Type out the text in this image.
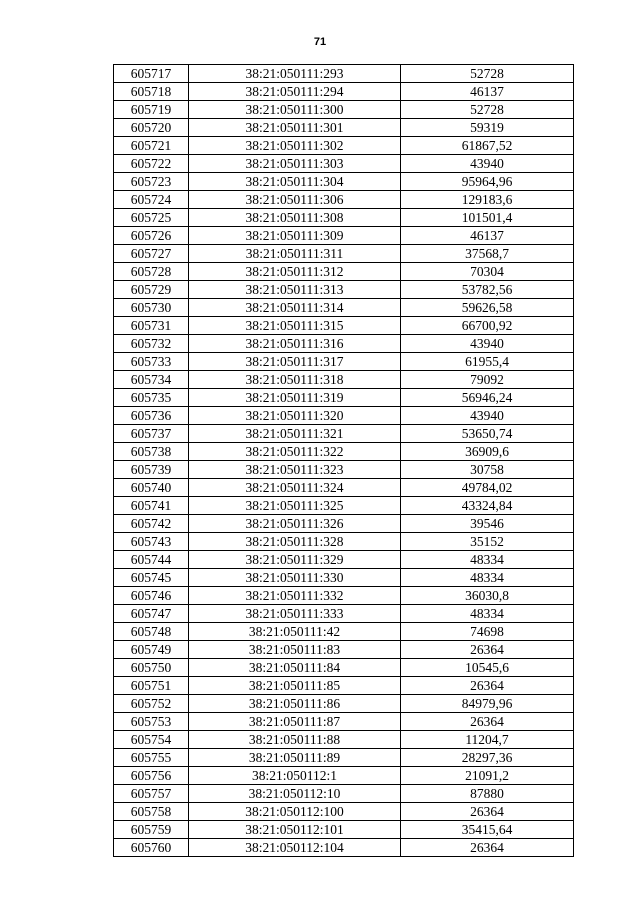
71
605717	38:21:050111:293	52728
605718	38:21:050111:294	46137
605719	38:21:050111:300	52728
605720	38:21:050111:301	59319
605721	38:21:050111:302	61867,52
605722	38:21:050111:303	43940
605723	38:21:050111:304	95964,96
605724	38:21:050111:306	129183,6
605725	38:21:050111:308	101501,4
605726	38:21:050111:309	46137
605727	38:21:050111:311	37568,7
605728	38:21:050111:312	70304
605729	38:21:050111:313	53782,56
605730	38:21:050111:314	59626,58
605731	38:21:050111:315	66700,92
605732	38:21:050111:316	43940
605733	38:21:050111:317	61955,4
605734	38:21:050111:318	79092
605735	38:21:050111:319	56946,24
605736	38:21:050111:320	43940
605737	38:21:050111:321	53650,74
605738	38:21:050111:322	36909,6
605739	38:21:050111:323	30758
605740	38:21:050111:324	49784,02
605741	38:21:050111:325	43324,84
605742	38:21:050111:326	39546
605743	38:21:050111:328	35152
605744	38:21:050111:329	48334
605745	38:21:050111:330	48334
605746	38:21:050111:332	36030,8
605747	38:21:050111:333	48334
605748	38:21:050111:42	74698
605749	38:21:050111:83	26364
605750	38:21:050111:84	10545,6
605751	38:21:050111:85	26364
605752	38:21:050111:86	84979,96
605753	38:21:050111:87	26364
605754	38:21:050111:88	11204,7
605755	38:21:050111:89	28297,36
605756	38:21:050112:1	21091,2
605757	38:21:050112:10	87880
605758	38:21:050112:100	26364
605759	38:21:050112:101	35415,64
605760	38:21:050112:104	26364
